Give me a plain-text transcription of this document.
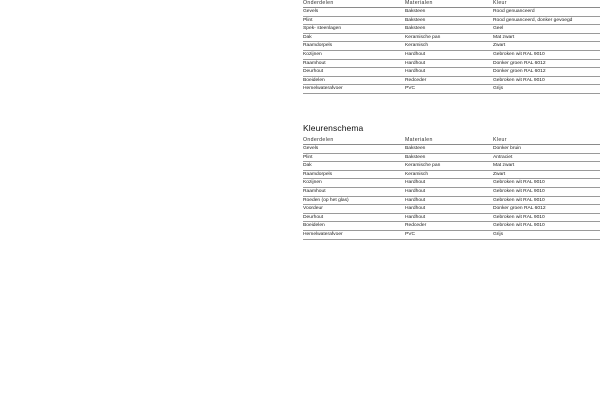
Onderdelen	Materialen	Kleur
Gevels	Baksteen	Rood genuanceerd
Plint	Baksteen	Rood genuanceerd, donker gevoegd
Spek- steenlagen	Baksteen	Geel
Dak	Keramische pan	Mat zwart
Raamdorpels	Keramisch	Zwart
Kozijnen	Hardhout	Gebroken wit RAL 9010
Raamhout	Hardhout	Donker groen RAL 6012
Deurhout	Hardhout	Donker groen RAL 6012
Boeidelen	Redceder	Gebroken wit RAL 9010
Hemelwaterafvoer	PVC	Grijs
Kleurenschema
Onderdelen	Materialen	Kleur
Gevels	Baksteen	Donker bruin
Plint	Baksteen	Antraciet
Dak	Keramische pan	Mat zwart
Raamdorpels	Keramisch	Zwart
Kozijnen	Hardhout	Gebroken wit RAL 9010
Raamhout	Hardhout	Gebroken wit RAL 9010
Roeden (op het glas)	Hardhout	Gebroken wit RAL 9010
Voordeur	Hardhout	Donker groen RAL 6012
Deurhout	Hardhout	Gebroken wit RAL 9010
Boeidelen	Redceder	Gebroken wit RAL 9010
Hemelwaterafvoer	PVC	Grijs
